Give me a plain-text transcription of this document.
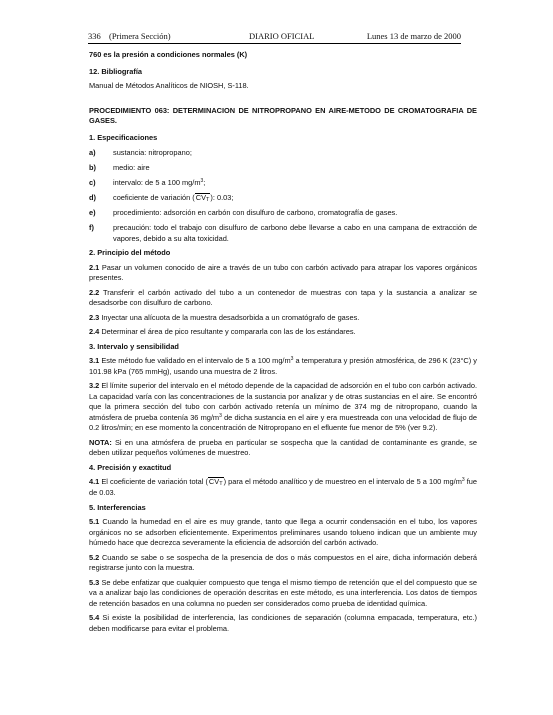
336 (Primera Sección)	DIARIO OFICIAL	Lunes 13 de marzo de 2000

760 es la presión a condiciones normales (K)

12. Bibliografía

Manual de Métodos Analíticos de NIOSH, S-118.

PROCEDIMIENTO 063: DETERMINACION DE NITROPROPANO EN AIRE-METODO DE CROMATOGRAFIA DE GASES.

1. Especificaciones

a)	sustancia: nitropropano;
b)	medio: aire
c)	intervalo: de 5 a 100 $mg/m^3$;
d)	coeficiente de variación $(CV_T)$: 0.03;
e)	procedimiento: adsorción en carbón con disulfuro de carbono, cromatografía de gases.
f)	precaución: todo el trabajo con disulfuro de carbono debe llevarse a cabo en una campana de extracción de vapores, debido a su alta toxicidad.

2. Principio del método

2.1 Pasar un volumen conocido de aire a través de un tubo con carbón activado para atrapar los vapores orgánicos presentes.

2.2 Transferir el carbón activado del tubo a un contenedor de muestras con tapa y la sustancia a analizar se desadsorbe con disulfuro de carbono.

2.3 Inyectar una alícuota de la muestra desadsorbida a un cromatógrafo de gases.

2.4 Determinar el área de pico resultante y compararla con las de los estándares.

3. Intervalo y sensibilidad

3.1 Este método fue validado en el intervalo de 5 a 100 $mg/m^3$ a temperatura y presión atmosférica, de 296 K (23°C) y 101.98 kPa (765 mmHg), usando una muestra de 2 litros.

3.2 El límite superior del intervalo en el método depende de la capacidad de adsorción en el tubo con carbón activado. La capacidad varía con las concentraciones de la sustancia por analizar y de otras sustancias en el aire. Se encontró que la primera sección del tubo con carbón activado retenía un mínimo de 374 mg de nitropropano, cuando la atmósfera de prueba contenía 36 $mg/m^3$ de dicha sustancia en el aire y era muestreada con una velocidad de flujo de 0.2 litros/min; en ese momento la concentración de Nitropropano en el efluente fue menor de 5% (ver 9.2).

NOTA: Si en una atmósfera de prueba en particular se sospecha que la cantidad de contaminante es grande, se deben utilizar pequeños volúmenes de muestreo.

4. Precisión y exactitud

4.1 El coeficiente de variación total $(CV_T)$ para el método analítico y de muestreo en el intervalo de 5 a 100 $mg/m^3$ fue de 0.03.

5. Interferencias

5.1 Cuando la humedad en el aire es muy grande, tanto que llega a ocurrir condensación en el tubo, los vapores orgánicos no se adsorben eficientemente. Experimentos preliminares usando tolueno indican que un ambiente muy húmedo hace que decrezca severamente la eficiencia de adsorción del carbón activado.

5.2 Cuando se sabe o se sospecha de la presencia de dos o más compuestos en el aire, dicha información deberá registrarse junto con la muestra.

5.3 Se debe enfatizar que cualquier compuesto que tenga el mismo tiempo de retención que el del compuesto que se va a analizar bajo las condiciones de operación descritas en este método, es una interferencia. Los datos de tiempos de retención basados en una columna no pueden ser considerados como prueba de identidad química.

5.4 Si existe la posibilidad de interferencia, las condiciones de separación (columna empacada, temperatura, etc.) deben modificarse para evitar el problema.
